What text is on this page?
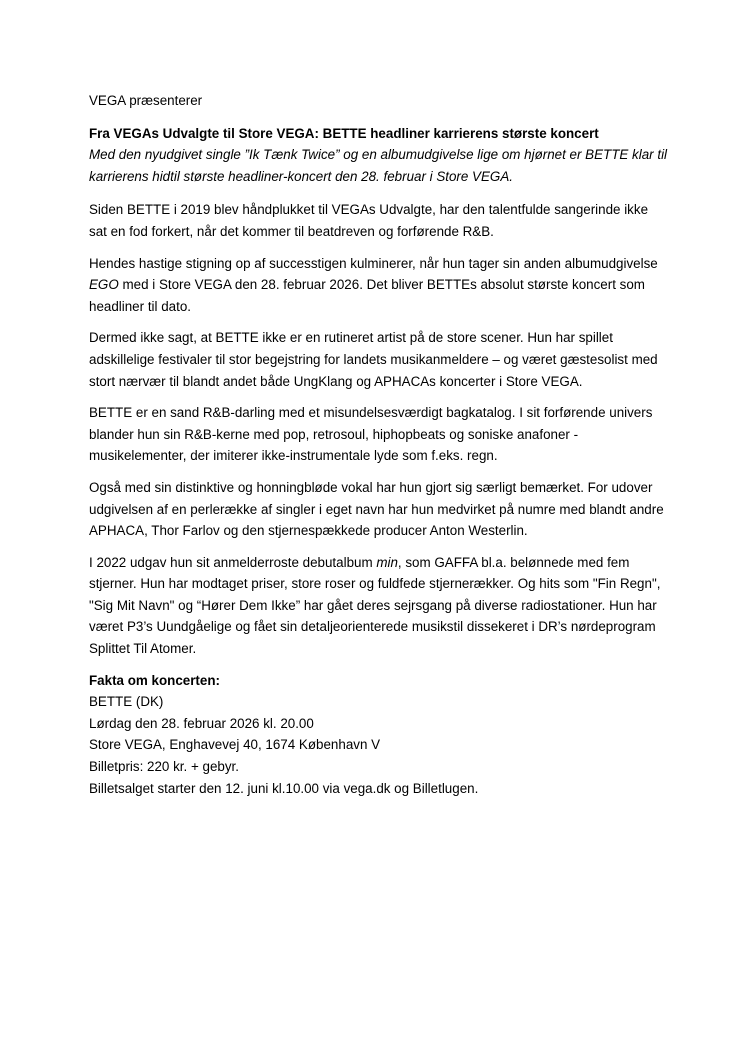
VEGA præsenterer

Fra VEGAs Udvalgte til Store VEGA: BETTE headliner karrierens største koncert
Med den nyudgivet single ”Ik Tænk Twice” og en albumudgivelse lige om hjørnet er BETTE klar til karrierens hidtil største headliner-koncert den 28. februar i Store VEGA.

Siden BETTE i 2019 blev håndplukket til VEGAs Udvalgte, har den talentfulde sangerinde ikke sat en fod forkert, når det kommer til beatdreven og forførende R&B.

Hendes hastige stigning op af successtigen kulminerer, når hun tager sin anden albumudgivelse EGO med i Store VEGA den 28. februar 2026. Det bliver BETTEs absolut største koncert som headliner til dato.

Dermed ikke sagt, at BETTE ikke er en rutineret artist på de store scener. Hun har spillet adskillelige festivaler til stor begejstring for landets musikanmeldere – og været gæstesolist med stort nærvær til blandt andet både UngKlang og APHACAs koncerter i Store VEGA.

BETTE er en sand R&B-darling med et misundelsesværdigt bagkatalog. I sit forførende univers blander hun sin R&B-kerne med pop, retrosoul, hiphopbeats og soniske anafoner - musikelementer, der imiterer ikke-instrumentale lyde som f.eks. regn.

Også med sin distinktive og honningbløde vokal har hun gjort sig særligt bemærket. For udover udgivelsen af en perlerække af singler i eget navn har hun medvirket på numre med blandt andre APHACA, Thor Farlov og den stjernespækkede producer Anton Westerlin.

I 2022 udgav hun sit anmelderroste debutalbum min, som GAFFA bl.a. belønnede med fem stjerner. Hun har modtaget priser, store roser og fuldfede stjernerækker. Og hits som "Fin Regn", "Sig Mit Navn" og “Hører Dem Ikke” har gået deres sejrsgang på diverse radiostationer. Hun har været P3’s Uundgåelige og fået sin detaljeorienterede musikstil dissekeret i DR’s nørdeprogram Splittet Til Atomer.

Fakta om koncerten:
BETTE (DK)
Lørdag den 28. februar 2026 kl. 20.00
Store VEGA, Enghavevej 40, 1674 København V
Billetpris: 220 kr. + gebyr.
Billetsalget starter den 12. juni kl.10.00 via vega.dk og Billetlugen.
